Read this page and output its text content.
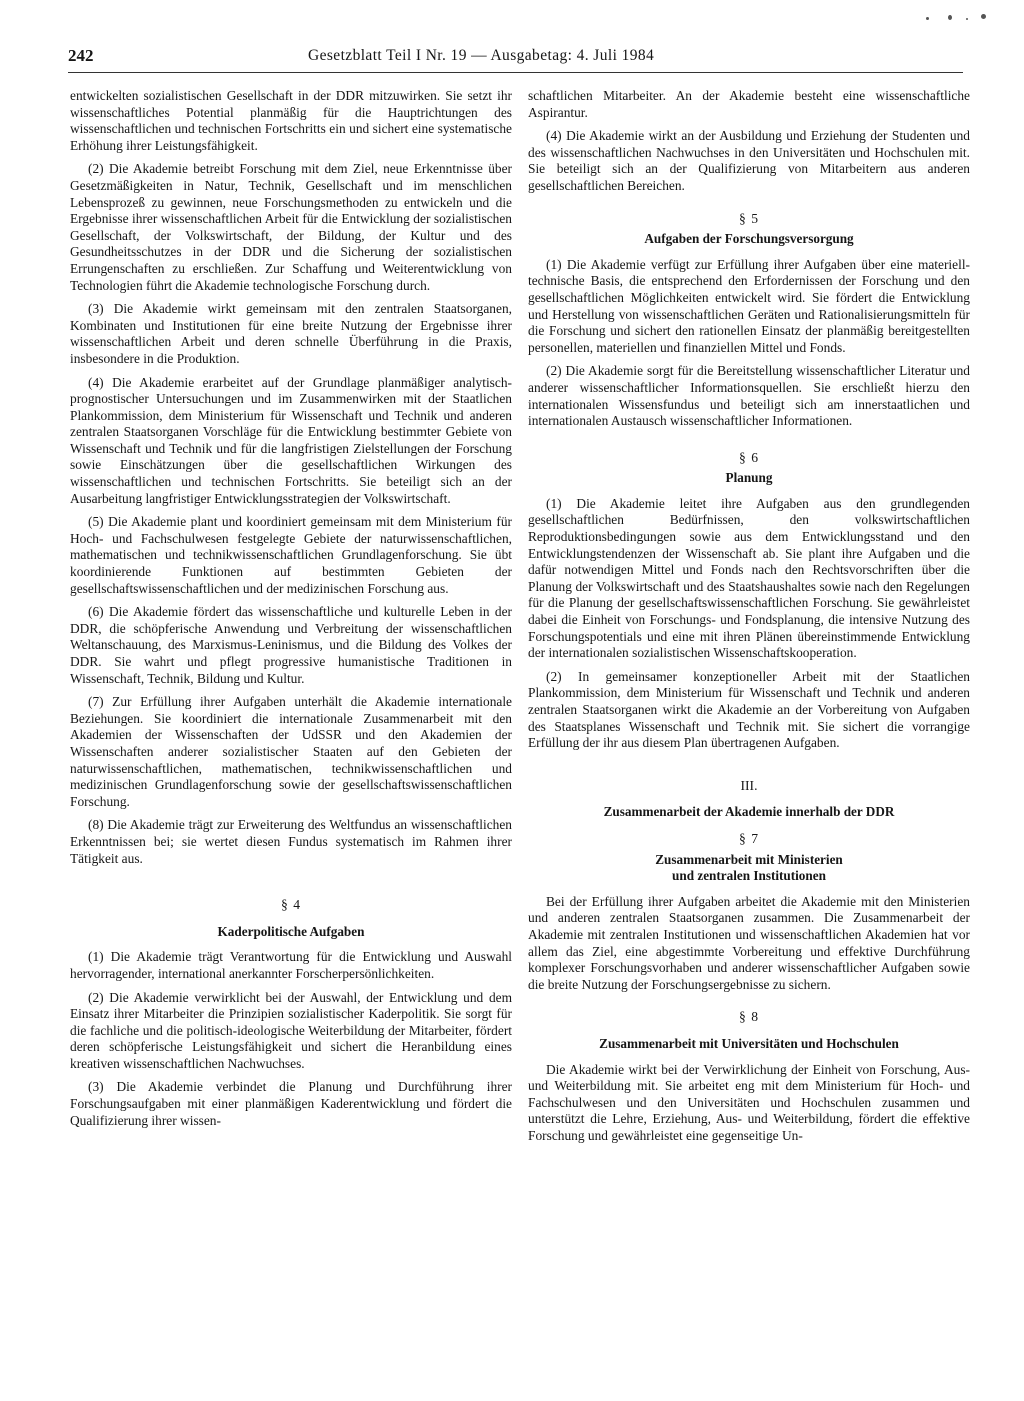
242	Gesetzblatt Teil I Nr. 19 — Ausgabetag: 4. Juli 1984

entwickelten sozialistischen Gesellschaft in der DDR mitzuwirken. Sie setzt ihr wissenschaftliches Potential planmäßig für die Hauptrichtungen des wissenschaftlichen und technischen Fortschritts ein und sichert eine systematische Erhöhung ihrer Leistungsfähigkeit.

(2) Die Akademie betreibt Forschung mit dem Ziel, neue Erkenntnisse über Gesetzmäßigkeiten in Natur, Technik, Gesellschaft und im menschlichen Lebensprozeß zu gewinnen, neue Forschungsmethoden zu entwickeln und die Ergebnisse ihrer wissenschaftlichen Arbeit für die Entwicklung der sozialistischen Gesellschaft, der Volkswirtschaft, der Bildung, der Kultur und des Gesundheitsschutzes in der DDR und die Sicherung der sozialistischen Errungenschaften zu erschließen. Zur Schaffung und Weiterentwicklung von Technologien führt die Akademie technologische Forschung durch.

(3) Die Akademie wirkt gemeinsam mit den zentralen Staatsorganen, Kombinaten und Institutionen für eine breite Nutzung der Ergebnisse ihrer wissenschaftlichen Arbeit und deren schnelle Überführung in die Praxis, insbesondere in die Produktion.

(4) Die Akademie erarbeitet auf der Grundlage planmäßiger analytisch-prognostischer Untersuchungen und im Zusammenwirken mit der Staatlichen Plankommission, dem Ministerium für Wissenschaft und Technik und anderen zentralen Staatsorganen Vorschläge für die Entwicklung bestimmter Gebiete von Wissenschaft und Technik und für die langfristigen Zielstellungen der Forschung sowie Einschätzungen über die gesellschaftlichen Wirkungen des wissenschaftlichen und technischen Fortschritts. Sie beteiligt sich an der Ausarbeitung langfristiger Entwicklungsstrategien der Volkswirtschaft.

(5) Die Akademie plant und koordiniert gemeinsam mit dem Ministerium für Hoch- und Fachschulwesen festgelegte Gebiete der naturwissenschaftlichen, mathematischen und technikwissenschaftlichen Grundlagenforschung. Sie übt koordinierende Funktionen auf bestimmten Gebieten der gesellschaftswissenschaftlichen und der medizinischen Forschung aus.

(6) Die Akademie fördert das wissenschaftliche und kulturelle Leben in der DDR, die schöpferische Anwendung und Verbreitung der wissenschaftlichen Weltanschauung, des Marxismus-Leninismus, und die Bildung des Volkes der DDR. Sie wahrt und pflegt progressive humanistische Traditionen in Wissenschaft, Technik, Bildung und Kultur.

(7) Zur Erfüllung ihrer Aufgaben unterhält die Akademie internationale Beziehungen. Sie koordiniert die internationale Zusammenarbeit mit den Akademien der Wissenschaften der UdSSR und den Akademien der Wissenschaften anderer sozialistischer Staaten auf den Gebieten der naturwissenschaftlichen, mathematischen, technikwissenschaftlichen und medizinischen Grundlagenforschung sowie der gesellschaftswissenschaftlichen Forschung.

(8) Die Akademie trägt zur Erweiterung des Weltfundus an wissenschaftlichen Erkenntnissen bei; sie wertet diesen Fundus systematisch im Rahmen ihrer Tätigkeit aus.

§ 4
Kaderpolitische Aufgaben

(1) Die Akademie trägt Verantwortung für die Entwicklung und Auswahl hervorragender, international anerkannter Forscherpersönlichkeiten.

(2) Die Akademie verwirklicht bei der Auswahl, der Entwicklung und dem Einsatz ihrer Mitarbeiter die Prinzipien sozialistischer Kaderpolitik. Sie sorgt für die fachliche und die politisch-ideologische Weiterbildung der Mitarbeiter, fördert deren schöpferische Leistungsfähigkeit und sichert die Heranbildung eines kreativen wissenschaftlichen Nachwuchses.

(3) Die Akademie verbindet die Planung und Durchführung ihrer Forschungsaufgaben mit einer planmäßigen Kaderentwicklung und fördert die Qualifizierung ihrer wissen-

schaftlichen Mitarbeiter. An der Akademie besteht eine wissenschaftliche Aspirantur.

(4) Die Akademie wirkt an der Ausbildung und Erziehung der Studenten und des wissenschaftlichen Nachwuchses in den Universitäten und Hochschulen mit. Sie beteiligt sich an der Qualifizierung von Mitarbeitern aus anderen gesellschaftlichen Bereichen.

§ 5
Aufgaben der Forschungsversorgung

(1) Die Akademie verfügt zur Erfüllung ihrer Aufgaben über eine materiell-technische Basis, die entsprechend den Erfordernissen der Forschung und den gesellschaftlichen Möglichkeiten entwickelt wird. Sie fördert die Entwicklung und Herstellung von wissenschaftlichen Geräten und Rationalisierungsmitteln für die Forschung und sichert den rationellen Einsatz der planmäßig bereitgestellten personellen, materiellen und finanziellen Mittel und Fonds.

(2) Die Akademie sorgt für die Bereitstellung wissenschaftlicher Literatur und anderer wissenschaftlicher Informationsquellen. Sie erschließt hierzu den internationalen Wissensfundus und beteiligt sich am innerstaatlichen und internationalen Austausch wissenschaftlicher Informationen.

§ 6
Planung

(1) Die Akademie leitet ihre Aufgaben aus den grundlegenden gesellschaftlichen Bedürfnissen, den volkswirtschaftlichen Reproduktionsbedingungen sowie aus dem Entwicklungsstand und den Entwicklungstendenzen der Wissenschaft ab. Sie plant ihre Aufgaben und die dafür notwendigen Mittel und Fonds nach den Rechtsvorschriften über die Planung der Volkswirtschaft und des Staatshaushaltes sowie nach den Regelungen für die Planung der gesellschaftswissenschaftlichen Forschung. Sie gewährleistet dabei die Einheit von Forschungs- und Fondsplanung, die intensive Nutzung des Forschungspotentials und eine mit ihren Plänen übereinstimmende Entwicklung der internationalen sozialistischen Wissenschaftskooperation.

(2) In gemeinsamer konzeptioneller Arbeit mit der Staatlichen Plankommission, dem Ministerium für Wissenschaft und Technik und anderen zentralen Staatsorganen wirkt die Akademie an der Vorbereitung von Aufgaben des Staatsplanes Wissenschaft und Technik mit. Sie sichert die vorrangige Erfüllung der ihr aus diesem Plan übertragenen Aufgaben.

III.
Zusammenarbeit der Akademie innerhalb der DDR
§ 7
Zusammenarbeit mit Ministerien
und zentralen Institutionen

Bei der Erfüllung ihrer Aufgaben arbeitet die Akademie mit den Ministerien und anderen zentralen Staatsorganen zusammen. Die Zusammenarbeit der Akademie mit zentralen Institutionen und wissenschaftlichen Akademien hat vor allem das Ziel, eine abgestimmte Vorbereitung und effektive Durchführung komplexer Forschungsvorhaben und anderer wissenschaftlicher Aufgaben sowie die breite Nutzung der Forschungsergebnisse zu sichern.

§ 8
Zusammenarbeit mit Universitäten und Hochschulen

Die Akademie wirkt bei der Verwirklichung der Einheit von Forschung, Aus- und Weiterbildung mit. Sie arbeitet eng mit dem Ministerium für Hoch- und Fachschulwesen und den Universitäten und Hochschulen zusammen und unterstützt die Lehre, Erziehung, Aus- und Weiterbildung, fördert die effektive Forschung und gewährleistet eine gegenseitige Un-
